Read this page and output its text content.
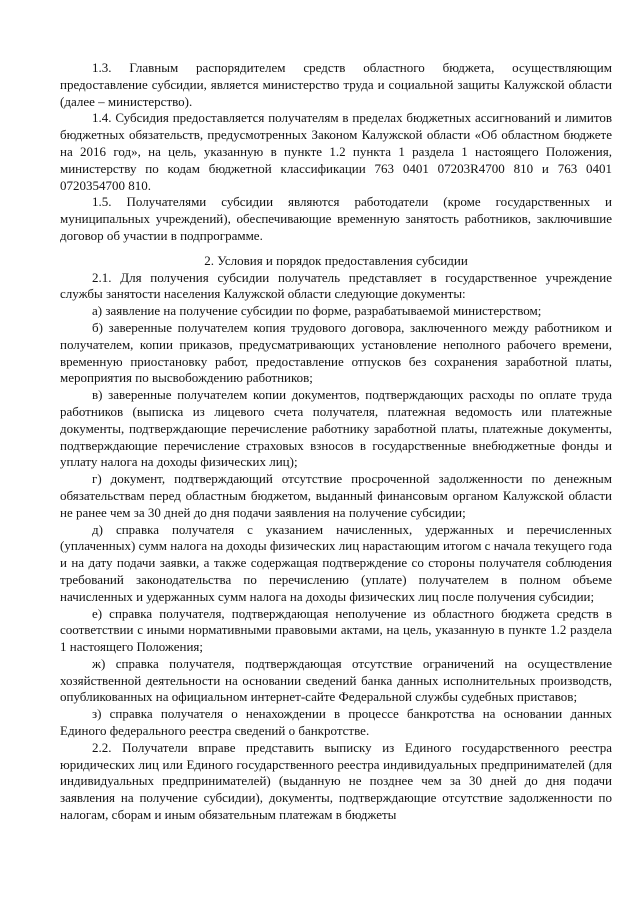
1.3. Главным распорядителем средств областного бюджета, осуществляющим предоставление субсидии, является министерство труда и социальной защиты Калужской области (далее – министерство).

1.4. Субсидия предоставляется получателям в пределах бюджетных ассигнований и лимитов бюджетных обязательств, предусмотренных Законом Калужской области «Об областном бюджете на 2016 год», на цель, указанную в пункте 1.2 пункта 1 раздела 1 настоящего Положения, министерству по кодам бюджетной классификации 763 0401 07203R4700 810 и 763 0401 0720354700 810.

1.5. Получателями субсидии являются работодатели (кроме государственных и муниципальных учреждений), обеспечивающие временную занятость работников, заключившие договор об участии в подпрограмме.

2. Условия и порядок предоставления субсидии

2.1. Для получения субсидии получатель представляет в государственное учреждение службы занятости населения Калужской области следующие документы:

а) заявление на получение субсидии по форме, разрабатываемой министерством;

б) заверенные получателем копия трудового договора, заключенного между работником и получателем, копии приказов, предусматривающих установление неполного рабочего времени, временную приостановку работ, предоставление отпусков без сохранения заработной платы, мероприятия по высвобождению работников;

в) заверенные получателем копии документов, подтверждающих расходы по оплате труда работников (выписка из лицевого счета получателя, платежная ведомость или платежные документы, подтверждающие перечисление работнику заработной платы, платежные документы, подтверждающие перечисление страховых взносов в государственные внебюджетные фонды и уплату налога на доходы физических лиц);

г) документ, подтверждающий отсутствие просроченной задолженности по денежным обязательствам перед областным бюджетом, выданный финансовым органом Калужской области не ранее чем за 30 дней до дня подачи заявления на получение субсидии;

д) справка получателя с указанием начисленных, удержанных и перечисленных (уплаченных) сумм налога на доходы физических лиц нарастающим итогом с начала текущего года и на дату подачи заявки, а также содержащая подтверждение со стороны получателя соблюдения требований законодательства по перечислению (уплате) получателем в полном объеме начисленных и удержанных сумм налога на доходы физических лиц после получения субсидии;

е) справка получателя, подтверждающая неполучение из областного бюджета средств в соответствии с иными нормативными правовыми актами, на цель, указанную в пункте 1.2 раздела 1 настоящего Положения;

ж) справка получателя, подтверждающая отсутствие ограничений на осуществление хозяйственной деятельности на основании сведений банка данных исполнительных производств, опубликованных на официальном интернет-сайте Федеральной службы судебных приставов;

з) справка получателя о ненахождении в процессе банкротства на основании данных Единого федерального реестра сведений о банкротстве.

2.2. Получатели вправе представить выписку из Единого государственного реестра юридических лиц или Единого государственного реестра индивидуальных предпринимателей (для индивидуальных предпринимателей) (выданную не позднее чем за 30 дней до дня подачи заявления на получение субсидии), документы, подтверждающие отсутствие задолженности по налогам, сборам и иным обязательным платежам в бюджеты
